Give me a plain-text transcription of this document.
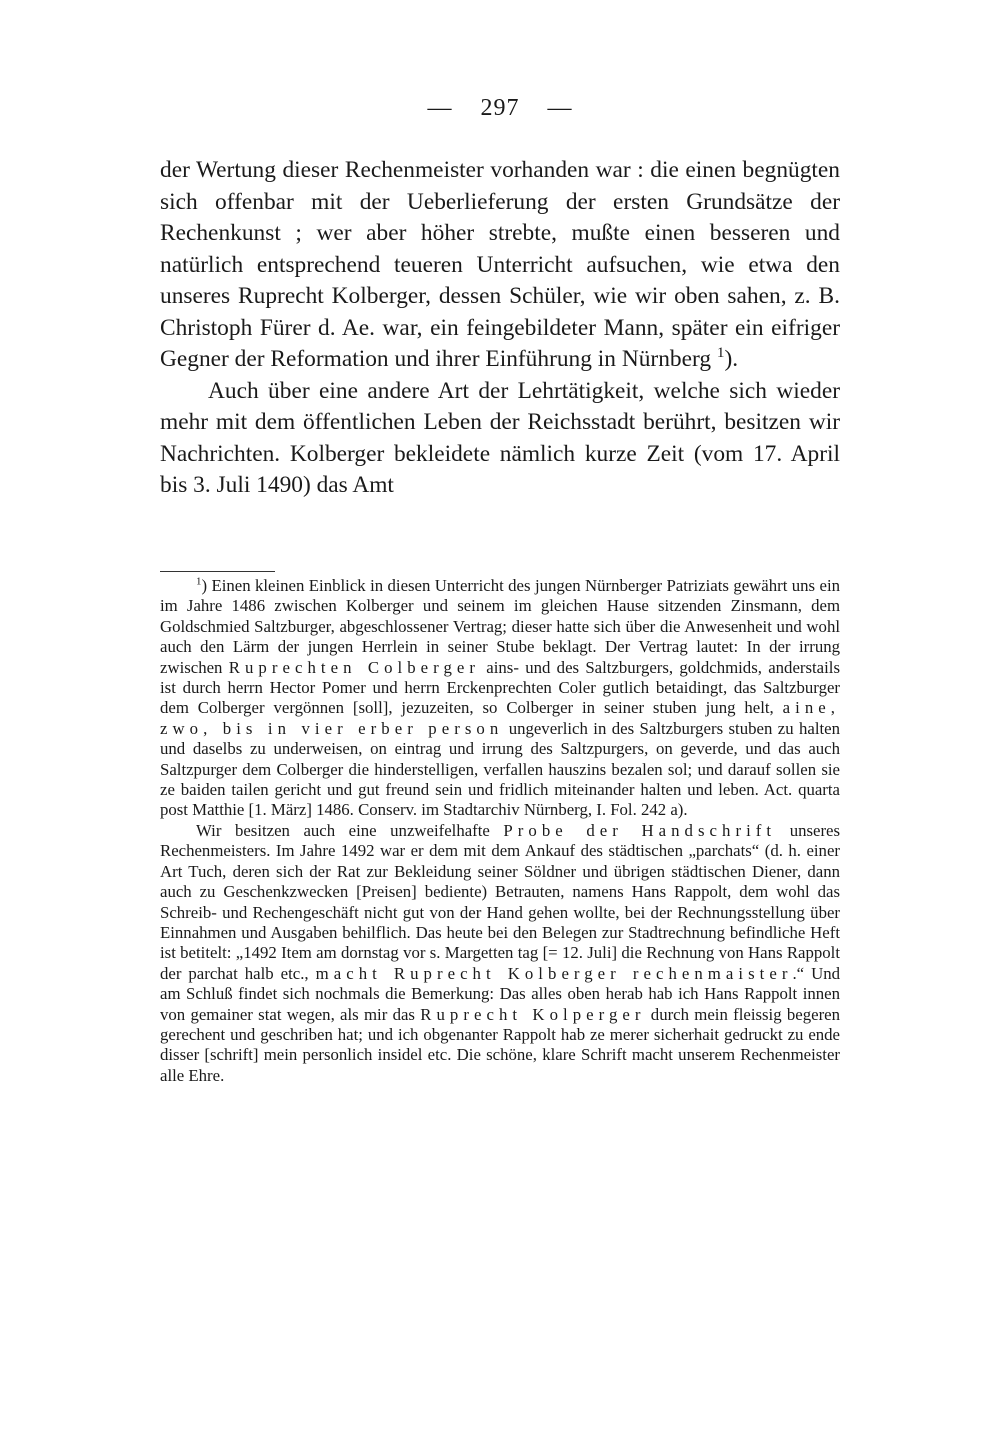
— 297 —

der Wertung dieser Rechenmeister vorhanden war : die einen begnügten sich offenbar mit der Ueberlieferung der ersten Grundsätze der Rechenkunst ; wer aber höher strebte, mußte einen besseren und natürlich entsprechend teueren Unterricht aufsuchen, wie etwa den unseres Ruprecht Kolberger, dessen Schüler, wie wir oben sahen, z. B. Christoph Fürer d. Ae. war, ein feingebildeter Mann, später ein eifriger Gegner der Reformation und ihrer Einführung in Nürnberg $^1$).

Auch über eine andere Art der Lehrtätigkeit, welche sich wieder mehr mit dem öffentlichen Leben der Reichsstadt berührt, besitzen wir Nachrichten. Kolberger bekleidete nämlich kurze Zeit (vom 17. April bis 3. Juli 1490) das Amt

$^1$) Einen kleinen Einblick in diesen Unterricht des jungen Nürnberger Patriziats gewährt uns ein im Jahre 1486 zwischen Kolberger und seinem im gleichen Hause sitzenden Zinsmann, dem Goldschmied Saltzburger, abgeschlossener Vertrag; dieser hatte sich über die Anwesenheit und wohl auch den Lärm der jungen Herrlein in seiner Stube beklagt. Der Vertrag lautet: In der irrung zwischen Ruprechten Colberger ains- und des Saltzburgers, goldchmids, anderstails ist durch herrn Hector Pomer und herrn Erckenprechten Coler gutlich betaidingt, das Saltzburger dem Colberger vergönnen [soll], jezuzeiten, so Colberger in seiner stuben jung helt, aine, zwo, bis in vier erber person ungeverlich in des Saltzburgers stuben zu halten und daselbs zu underweisen, on eintrag und irrung des Saltzpurgers, on geverde, und das auch Saltzpurger dem Colberger die hinderstelligen, verfallen hauszins bezalen sol; und darauf sollen sie ze baiden tailen gericht und gut freund sein und fridlich miteinander halten und leben. Act. quarta post Matthie [1. März] 1486. Conserv. im Stadtarchiv Nürnberg, I. Fol. 242 a).

Wir besitzen auch eine unzweifelhafte Probe der Handschrift unseres Rechenmeisters. Im Jahre 1492 war er dem mit dem Ankauf des städtischen „parchats“ (d. h. einer Art Tuch, deren sich der Rat zur Bekleidung seiner Söldner und übrigen städtischen Diener, dann auch zu Geschenkzwecken [Preisen] bediente) Betrauten, namens Hans Rappolt, dem wohl das Schreib- und Rechengeschäft nicht gut von der Hand gehen wollte, bei der Rechnungsstellung über Einnahmen und Ausgaben behilflich. Das heute bei den Belegen zur Stadtrechnung befindliche Heft ist betitelt: „1492 Item am dornstag vor s. Margetten tag [= 12. Juli] die Rechnung von Hans Rappolt der parchat halb etc., macht Ruprecht Kolberger rechenmaister.“ Und am Schluß findet sich nochmals die Bemerkung: Das alles oben herab hab ich Hans Rappolt innen von gemainer stat wegen, als mir das Ruprecht Kolperger durch mein fleissig begeren gerechent und geschriben hat; und ich obgenanter Rappolt hab ze merer sicherhait gedruckt zu ende disser [schrift] mein personlich insidel etc. Die schöne, klare Schrift macht unserem Rechenmeister alle Ehre.
